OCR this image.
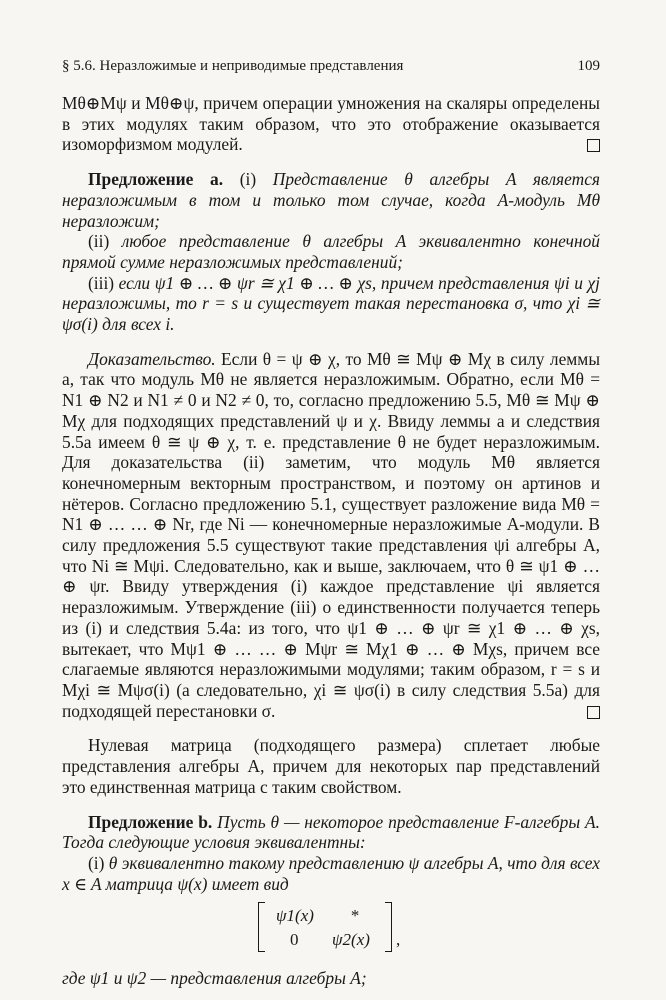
§ 5.6. Неразложимые и неприводимые представления	109

Mθ⊕Mψ и Mθ⊕ψ, причем операции умножения на скаляры определены в этих модулях таким образом, что это отображение оказывается изоморфизмом модулей.

Предложение a. (i) Представление θ алгебры A является неразложимым в том и только том случае, когда A-модуль Mθ неразложим;

(ii) любое представление θ алгебры A эквивалентно конечной прямой сумме неразложимых представлений;

(iii) если ψ1 ⊕ … ⊕ ψr ≅ χ1 ⊕ … ⊕ χs, причем представления ψi и χj неразложимы, то r = s и существует такая перестановка σ, что χi ≅ ψσ(i) для всех i.

Доказательство. Если θ = ψ ⊕ χ, то Mθ ≅ Mψ ⊕ Mχ в силу леммы a, так что модуль Mθ не является неразложимым. Обратно, если Mθ = N1 ⊕ N2 и N1 ≠ 0 и N2 ≠ 0, то, согласно предложению 5.5, Mθ ≅ Mψ ⊕ Mχ для подходящих представлений ψ и χ. Ввиду леммы a и следствия 5.5a имеем θ ≅ ψ ⊕ χ, т. е. представление θ не будет неразложимым. Для доказательства (ii) заметим, что модуль Mθ является конечномерным векторным пространством, и поэтому он артинов и нётеров. Согласно предложению 5.1, существует разложение вида Mθ = N1 ⊕ … … ⊕ Nr, где Ni — конечномерные неразложимые A-модули. В силу предложения 5.5 существуют такие представления ψi алгебры A, что Ni ≅ Mψi. Следовательно, как и выше, заключаем, что θ ≅ ψ1 ⊕ … ⊕ ψr. Ввиду утверждения (i) каждое представление ψi является неразложимым. Утверждение (iii) о единственности получается теперь из (i) и следствия 5.4a: из того, что ψ1 ⊕ … ⊕ ψr ≅ χ1 ⊕ … ⊕ χs, вытекает, что Mψ1 ⊕ … … ⊕ Mψr ≅ Mχ1 ⊕ … ⊕ Mχs, причем все слагаемые являются неразложимыми модулями; таким образом, r = s и Mχi ≅ Mψσ(i) (а следовательно, χi ≅ ψσ(i) в силу следствия 5.5a) для подходящей перестановки σ.

Нулевая матрица (подходящего размера) сплетает любые представления алгебры A, причем для некоторых пар представлений это единственная матрица с таким свойством.

Предложение b. Пусть θ — некоторое представление F-алгебры A. Тогда следующие условия эквивалентны:

(i) θ эквивалентно такому представлению ψ алгебры A, что для всех x ∈ A матрица ψ(x) имеет вид

ψ1(x) *
0 ψ2(x) ,

где ψ1 и ψ2 — представления алгебры A;
